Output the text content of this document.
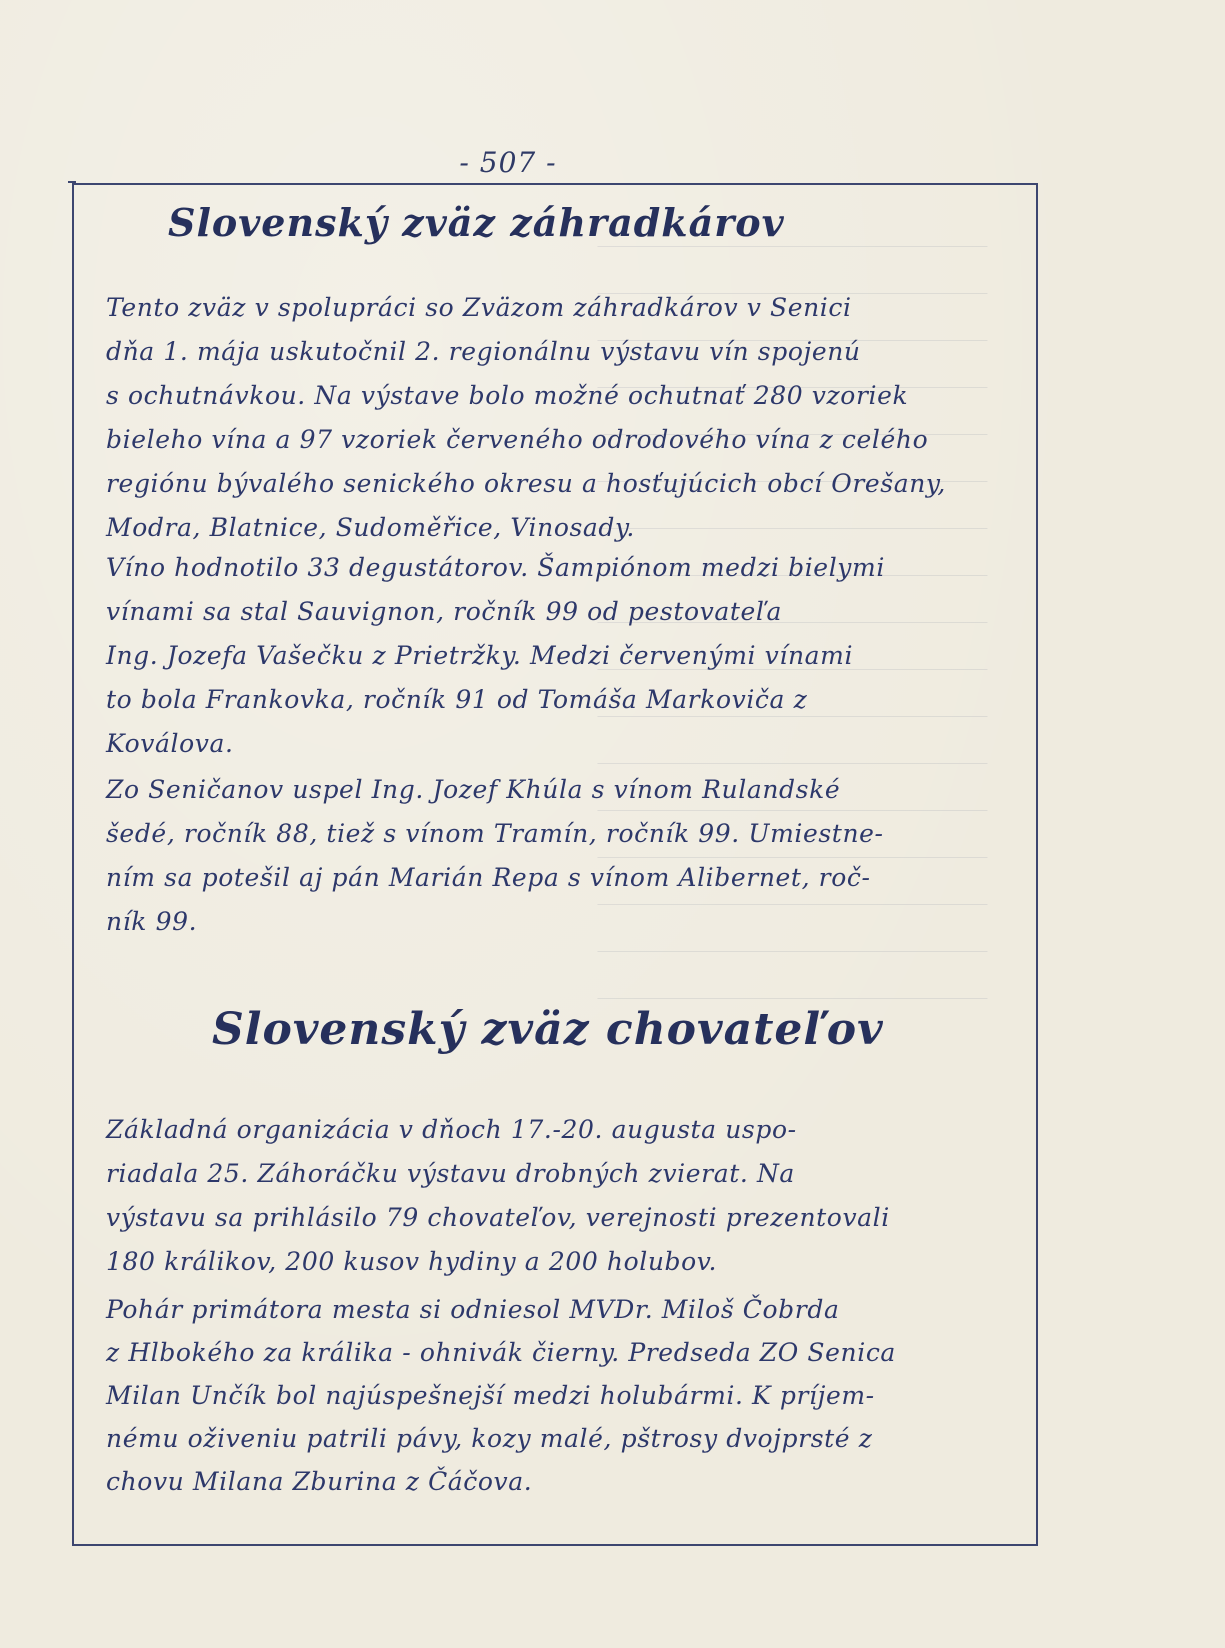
- 507 -
Slovenský zväz záhradkárov
Tento zväz v spolupráci so Zväzom záhradkárov v Senici
dňa 1. mája uskutočnil 2. regionálnu výstavu vín spojenú
s ochutnávkou. Na výstave bolo možné ochutnať 280 vzoriek
bieleho vína a 97 vzoriek červeného odrodového vína z celého
regiónu bývalého senického okresu a hosťujúcich obcí Orešany,
Modra, Blatnice, Sudoměřice, Vinosady.
Víno hodnotilo 33 degustátorov. Šampiónom medzi bielymi
vínami sa stal Sauvignon, ročník 99 od pestovateľa
Ing. Jozefa Vašečku z Prietržky. Medzi červenými vínami
to bola Frankovka, ročník 91 od Tomáša Markoviča z
Koválova.
Zo Seničanov uspel Ing. Jozef Khúla s vínom Rulandské
šedé, ročník 88, tiež s vínom Tramín, ročník 99. Umiestne-
ním sa potešil aj pán Marián Repa s vínom Alibernet, roč-
ník 99.
Slovenský zväz chovateľov
Základná organizácia v dňoch 17.-20. augusta uspo-
riadala 25. Záhoráčku výstavu drobných zvierat. Na
výstavu sa prihlásilo 79 chovateľov, verejnosti prezentovali
180 králikov, 200 kusov hydiny a 200 holubov.
Pohár primátora mesta si odniesol MVDr. Miloš Čobrda
z Hlbokého za králika - ohnivák čierny. Predseda ZO Senica
Milan Unčík bol najúspešnejší medzi holubármi. K príjem-
nému oživeniu patrili pávy, kozy malé, pštrosy dvojprsté z
chovu Milana Zburina z Čáčova.
